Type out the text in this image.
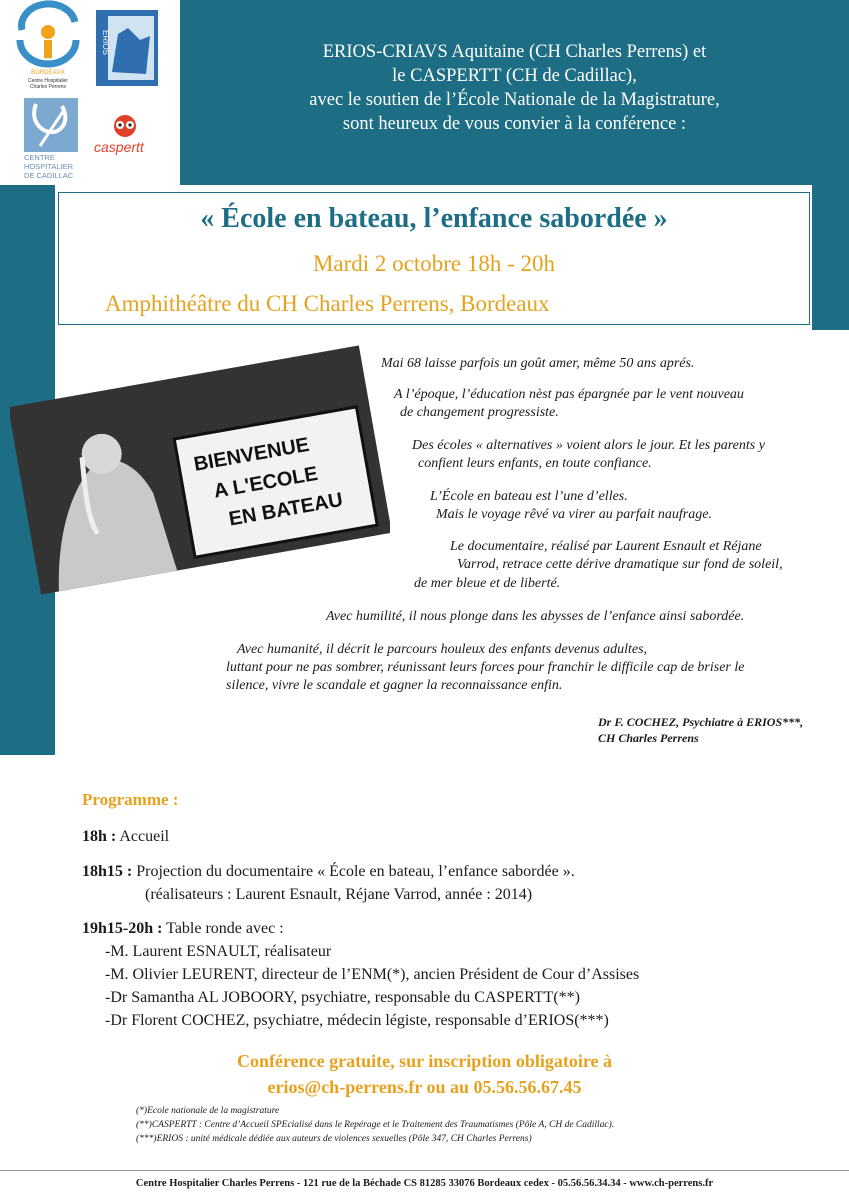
BORDEAUX
Centre Hospitalier
Charles Perrens
ERIOS
CENTRE
HOSPITALIER
DE CADILLAC
caspertt
ERIOS-CRIAVS Aquitaine (CH Charles Perrens) et
le CASPERTT (CH de Cadillac),
avec le soutien de l’École Nationale de la Magistrature,
sont heureux de vous convier à la conférence :
« École en bateau, l’enfance sabordée »
Mardi 2 octobre 18h - 20h
Amphithéâtre du CH Charles Perrens, Bordeaux
BIENVENUE
A L'ECOLE
EN BATEAU
Mai 68 laisse parfois un goût amer, même 50 ans aprés.
A l’époque, l’éducation nèst pas épargnée par le vent nouveau
de changement progressiste.
Des écoles « alternatives » voient alors le jour. Et les parents y
confient leurs enfants, en toute confiance.
L’École en bateau est l’une d’elles.
Mais le voyage rêvé va virer au parfait naufrage.
Le documentaire, réalisé par Laurent Esnault et Réjane
Varrod, retrace cette dérive dramatique sur fond de soleil,
de mer bleue et de liberté.
Avec humilité, il nous plonge dans les abysses de l’enfance ainsi sabordée.
Avec humanité, il décrit le parcours houleux des enfants devenus adultes,
luttant pour ne pas sombrer, réunissant leurs forces pour franchir le difficile cap de briser le
silence, vivre le scandale et gagner la reconnaissance enfin.
Dr F. COCHEZ, Psychiatre à ERIOS***,
CH Charles Perrens
Programme :
18h : Accueil
18h15 : Projection du documentaire « École en bateau, l’enfance sabordée ».
(réalisateurs : Laurent Esnault, Réjane Varrod, année : 2014)
19h15-20h : Table ronde avec :
-M. Laurent ESNAULT, réalisateur
-M. Olivier LEURENT, directeur de l’ENM(*), ancien Président de Cour d’Assises
-Dr Samantha AL JOBOORY, psychiatre, responsable du CASPERTT(**)
-Dr Florent COCHEZ, psychiatre, médecin légiste, responsable d’ERIOS(***)
Conférence gratuite, sur inscription obligatoire à
erios@ch-perrens.fr ou au 05.56.56.67.45
(*)Ecole nationale de la magistrature
(**)CASPERTT : Centre d’Accueil SPEcialisé dans le Repérage et le Traitement des Traumatismes (Pôle A, CH de Cadillac).
(***)ERIOS : unité médicale dédiée aux auteurs de violences sexuelles (Pôle 347, CH Charles Perrens)
Centre Hospitalier Charles Perrens - 121 rue de la Béchade CS 81285 33076 Bordeaux cedex - 05.56.56.34.34 - www.ch-perrens.fr
